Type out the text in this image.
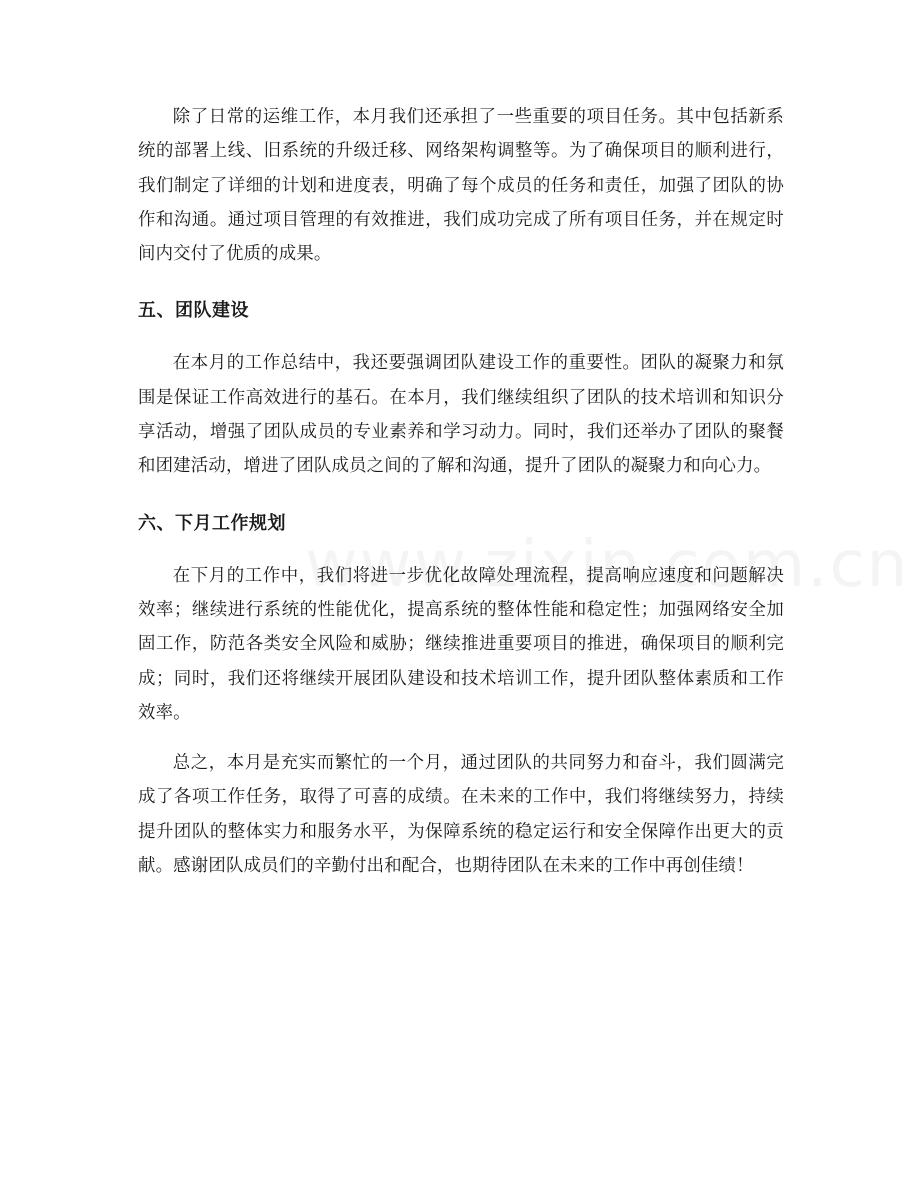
除了日常的运维工作，本月我们还承担了一些重要的项目任务。其中包括新系统的部署上线、旧系统的升级迁移、网络架构调整等。为了确保项目的顺利进行，我们制定了详细的计划和进度表，明确了每个成员的任务和责任，加强了团队的协作和沟通。通过项目管理的有效推进，我们成功完成了所有项目任务，并在规定时间内交付了优质的成果。

五、团队建设

在本月的工作总结中，我还要强调团队建设工作的重要性。团队的凝聚力和氛围是保证工作高效进行的基石。在本月，我们继续组织了团队的技术培训和知识分享活动，增强了团队成员的专业素养和学习动力。同时，我们还举办了团队的聚餐和团建活动，增进了团队成员之间的了解和沟通，提升了团队的凝聚力和向心力。

六、下月工作规划

在下月的工作中，我们将进一步优化故障处理流程，提高响应速度和问题解决效率；继续进行系统的性能优化，提高系统的整体性能和稳定性；加强网络安全加固工作，防范各类安全风险和威胁；继续推进重要项目的推进，确保项目的顺利完成；同时，我们还将继续开展团队建设和技术培训工作，提升团队整体素质和工作效率。

总之，本月是充实而繁忙的一个月，通过团队的共同努力和奋斗，我们圆满完成了各项工作任务，取得了可喜的成绩。在未来的工作中，我们将继续努力，持续提升团队的整体实力和服务水平，为保障系统的稳定运行和安全保障作出更大的贡献。感谢团队成员们的辛勤付出和配合，也期待团队在未来的工作中再创佳绩！
